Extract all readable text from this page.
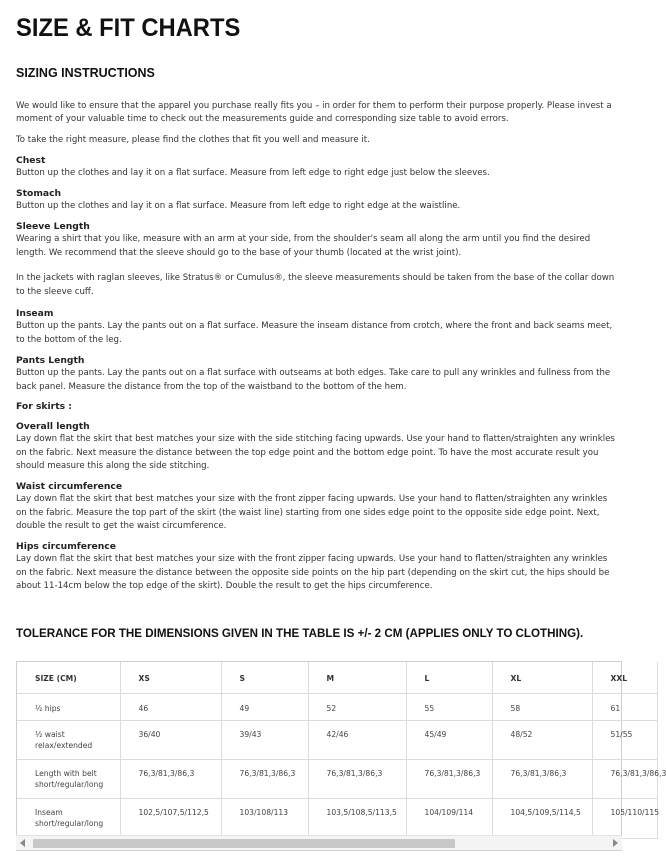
SIZE & FIT CHARTS
SIZING INSTRUCTIONS

We would like to ensure that the apparel you purchase really fits you – in order for them to perform their purpose properly. Please invest a moment of your valuable time to check out the measurements guide and corresponding size table to avoid errors.

To take the right measure, please find the clothes that fit you well and measure it.

Chest

Button up the clothes and lay it on a flat surface. Measure from left edge to right edge just below the sleeves.

Stomach

Button up the clothes and lay it on a flat surface. Measure from left edge to right edge at the waistline.

Sleeve Length

Wearing a shirt that you like, measure with an arm at your side, from the shoulder's seam all along the arm until you find the desired length. We recommend that the sleeve should go to the base of your thumb (located at the wrist joint).

In the jackets with raglan sleeves, like Stratus® or Cumulus®, the sleeve measurements should be taken from the base of the collar down to the sleeve cuff.

Inseam

Button up the pants. Lay the pants out on a flat surface. Measure the inseam distance from crotch, where the front and back seams meet, to the bottom of the leg.

Pants Length

Button up the pants. Lay the pants out on a flat surface with outseams at both edges. Take care to pull any wrinkles and fullness from the back panel. Measure the distance from the top of the waistband to the bottom of the hem.

For skirts :

Overall length

Lay down flat the skirt that best matches your size with the side stitching facing upwards. Use your hand to flatten/straighten any wrinkles on the fabric. Next measure the distance between the top edge point and the bottom edge point. To have the most accurate result you should measure this along the side stitching.

Waist circumference

Lay down flat the skirt that best matches your size with the front zipper facing upwards. Use your hand to flatten/straighten any wrinkles on the fabric. Measure the top part of the skirt (the waist line) starting from one sides edge point to the opposite side edge point. Next, double the result to get the waist circumference.

Hips circumference

Lay down flat the skirt that best matches your size with the front zipper facing upwards. Use your hand to flatten/straighten any wrinkles on the fabric. Next measure the distance between the opposite side points on the hip part (depending on the skirt cut, the hips should be about 11-14cm below the top edge of the skirt). Double the result to get the hips circumference.

TOLERANCE FOR THE DIMENSIONS GIVEN IN THE TABLE IS +/- 2 CM (APPLIES ONLY TO CLOTHING).
SIZE (CM)	XS	S	M	L	XL	XXL
½ hips	46	49	52	55	58	61
½ waist relax/extended	36/40	39/43	42/46	45/49	48/52	51/55
Length with belt short/regular/long	76,3/81,3/86,3	76,3/81,3/86,3	76,3/81,3/86,3	76,3/81,3/86,3	76,3/81,3/86,3	76,3/81,3/86,3
Inseam short/regular/long	102,5/107,5/112,5	103/108/113	103,5/108,5/113,5	104/109/114	104,5/109,5/114,5	105/110/115
